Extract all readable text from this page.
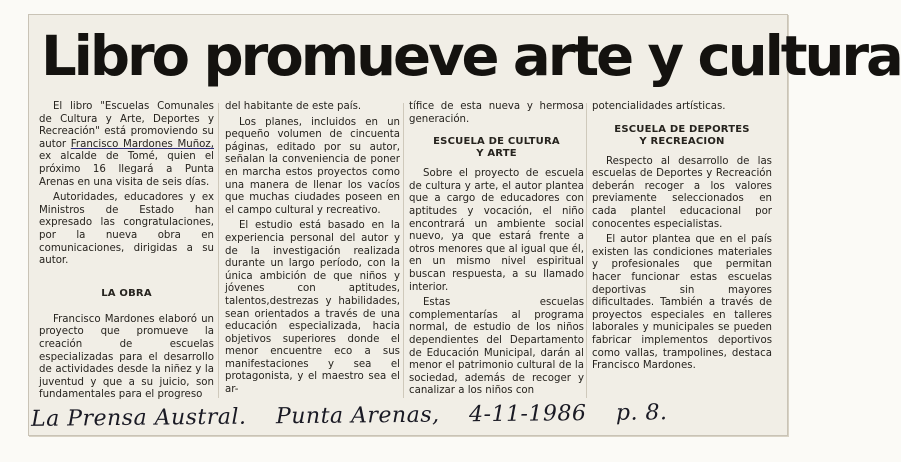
Libro promueve arte y cultura

El libro "Escuelas Comunales de Cultura y Arte, Deportes y Recreación" está promoviendo su autor Francisco Mardones Muñoz, ex alcalde de Tomé, quien el próximo 16 llegará a Punta Arenas en una visita de seis días.

Autoridades, educadores y ex Ministros de Estado han expresado las congratulaciones, por la nueva obra en comunicaciones, dirigidas a su autor.

LA OBRA

Francisco Mardones elaboró un proyecto que promueve la creación de escuelas especializadas para el desarrollo de actividades desde la niñez y la juventud y que a su juicio, son fundamentales para el progreso

del habitante de este país.

Los planes, incluidos en un pequeño volumen de cincuenta páginas, editado por su autor, señalan la conveniencia de poner en marcha estos proyectos como una manera de llenar los vacíos que muchas ciudades poseen en el campo cultural y recreativo.

El estudio está basado en la experiencia personal del autor y de la investigación realizada durante un largo período, con la única ambición de que niños y jóvenes con aptitudes, talentos,destrezas y habilidades, sean orientados a través de una educación especializada, hacia objetivos superiores donde el menor encuentre eco a sus manifestaciones y sea el protagonista, y el maestro sea el ar-

tífice de esta nueva y hermosa generación.

ESCUELA DE CULTURA
Y ARTE

Sobre el proyecto de escuela de cultura y arte, el autor plantea que a cargo de educadores con aptitudes y vocación, el niño encontrará un ambiente social nuevo, ya que estará frente a otros menores que al igual que él, en un mismo nivel espiritual buscan respuesta, a su llamado interior.

Estas escuelas complementarías al programa normal, de estudio de los niños dependientes del Departamento de Educación Municipal, darán al menor el patrimonio cultural de la sociedad, además de recoger y canalizar a los niños con

potencialidades artísticas.

ESCUELA DE DEPORTES
Y RECREACION

Respecto al desarrollo de las escuelas de Deportes y Recreación deberán recoger a los valores previamente seleccionados en cada plantel educacional por conocentes especialistas.

El autor plantea que en el país existen las condiciones materiales y profesionales que permitan hacer funcionar estas escuelas deportivas sin mayores dificultades. También a través de proyectos especiales en talleres laborales y municipales se pueden fabricar implementos deportivos como vallas, trampolines, destaca Francisco Mardones.

La Prensa Austral. Punta Arenas, 4-11-1986 p. 8.
